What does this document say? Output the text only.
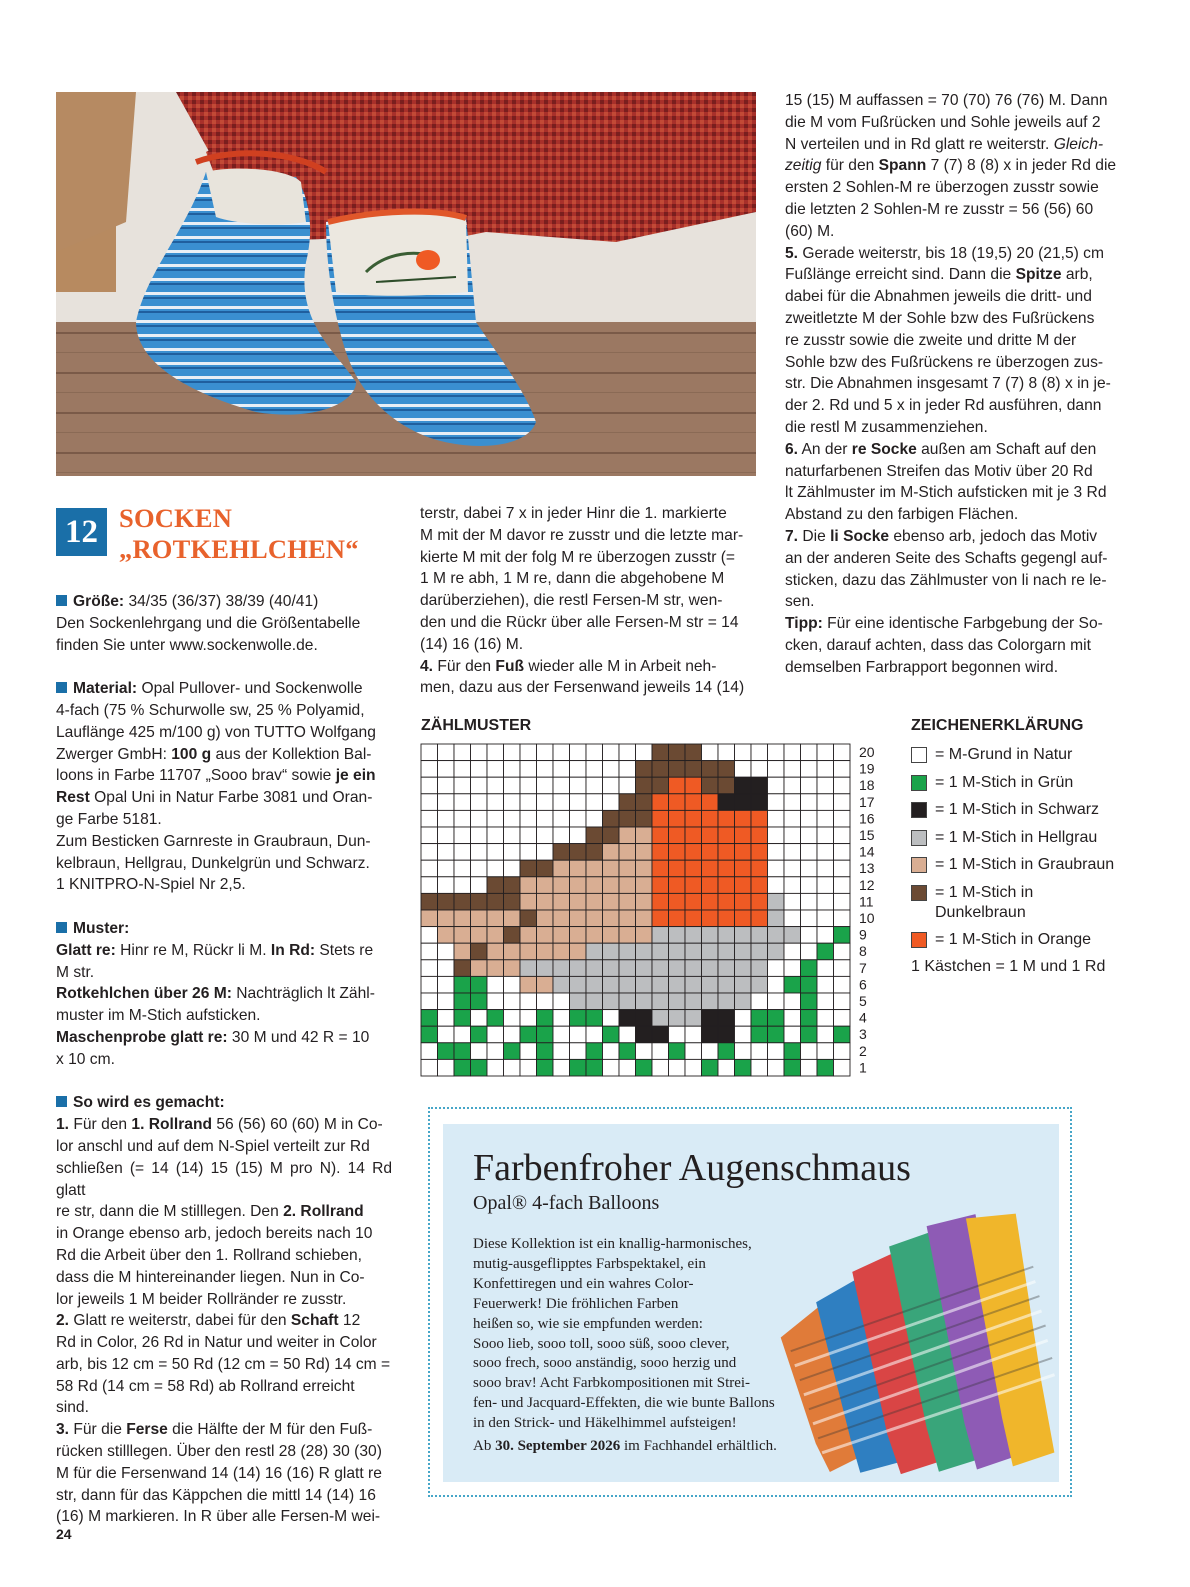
12 SOCKEN
„ROTKEHLCHEN“

Größe: 34/35 (36/37) 38/39 (40/41)

Den Sockenlehrgang und die Größentabelle

finden Sie unter www.sockenwolle.de.

Material: Opal Pullover- und Sockenwolle

4-fach (75 % Schurwolle sw, 25 % Polyamid,

Lauflänge 425 m/100 g) von TUTTO Wolfgang

Zwerger GmbH: 100 g aus der Kollektion Bal-

loons in Farbe 11707 „Sooo brav“ sowie je ein

Rest Opal Uni in Natur Farbe 3081 und Oran-

ge Farbe 5181.

Zum Besticken Garnreste in Graubraun, Dun-

kelbraun, Hellgrau, Dunkelgrün und Schwarz.

1 KNITPRO-N-Spiel Nr 2,5.

Muster:

Glatt re: Hinr re M, Rückr li M. In Rd: Stets re

M str.

Rotkehlchen über 26 M: Nachträglich lt Zähl-

muster im M-Stich aufsticken.

Maschenprobe glatt re: 30 M und 42 R = 10

x 10 cm.

So wird es gemacht:

1. Für den 1. Rollrand 56 (56) 60 (60) M in Co-

lor anschl und auf dem N-Spiel verteilt zur Rd

schließen (= 14 (14) 15 (15) M pro N). 14 Rd glatt

re str, dann die M stilllegen. Den 2. Rollrand

in Orange ebenso arb, jedoch bereits nach 10

Rd die Arbeit über den 1. Rollrand schieben,

dass die M hintereinander liegen. Nun in Co-

lor jeweils 1 M beider Rollränder re zusstr.

2. Glatt re weiterstr, dabei für den Schaft 12

Rd in Color, 26 Rd in Natur und weiter in Color

arb, bis 12 cm = 50 Rd (12 cm = 50 Rd) 14 cm =

58 Rd (14 cm = 58 Rd) ab Rollrand erreicht

sind.

3. Für die Ferse die Hälfte der M für den Fuß-

rücken stilllegen. Über den restl 28 (28) 30 (30)

M für die Fersenwand 14 (14) 16 (16) R glatt re

str, dann für das Käppchen die mittl 14 (14) 16

(16) M markieren. In R über alle Fersen-M wei-

terstr, dabei 7 x in jeder Hinr die 1. markierte

M mit der M davor re zusstr und die letzte mar-

kierte M mit der folg M re überzogen zusstr (=

1 M re abh, 1 M re, dann die abgehobene M

darüberziehen), die restl Fersen-M str, wen-

den und die Rückr über alle Fersen-M str = 14

(14) 16 (16) M.

4. Für den Fuß wieder alle M in Arbeit neh-

men, dazu aus der Fersenwand jeweils 14 (14)

15 (15) M auffassen = 70 (70) 76 (76) M. Dann

die M vom Fußrücken und Sohle jeweils auf 2

N verteilen und in Rd glatt re weiterstr. Gleich-

zeitig für den Spann 7 (7) 8 (8) x in jeder Rd die

ersten 2 Sohlen-M re überzogen zusstr sowie

die letzten 2 Sohlen-M re zusstr = 56 (56) 60

(60) M.

5. Gerade weiterstr, bis 18 (19,5) 20 (21,5) cm

Fußlänge erreicht sind. Dann die Spitze arb,

dabei für die Abnahmen jeweils die dritt- und

zweitletzte M der Sohle bzw des Fußrückens

re zusstr sowie die zweite und dritte M der

Sohle bzw des Fußrückens re überzogen zus-

str. Die Abnahmen insgesamt 7 (7) 8 (8) x in je-

der 2. Rd und 5 x in jeder Rd ausführen, dann

die restl M zusammenziehen.

6. An der re Socke außen am Schaft auf den

naturfarbenen Streifen das Motiv über 20 Rd

lt Zählmuster im M-Stich aufsticken mit je 3 Rd

Abstand zu den farbigen Flächen.

7. Die li Socke ebenso arb, jedoch das Motiv

an der anderen Seite des Schafts gegengl auf-

sticken, dazu das Zählmuster von li nach re le-

sen.

Tipp: Für eine identische Farbgebung der So-

cken, darauf achten, dass das Colorgarn mit

demselben Farbrapport begonnen wird.

ZÄHLMUSTER
20
19
18
17
16
15
14
13
12
11
10
9
8
7
6
5
4
3
2
1
ZEICHENERKLÄRUNG
= M-Grund in Natur
= 1 M-Stich in Grün
= 1 M-Stich in Schwarz
= 1 M-Stich in Hellgrau
= 1 M-Stich in Graubraun
= 1 M-Stich in
Dunkelbraun
= 1 M-Stich in Orange
1 Kästchen = 1 M und 1 Rd
Farbenfroher Augenschmaus
Opal® 4-fach Balloons
Diese Kollektion ist ein knallig-harmonisches,
mutig-ausgeflipptes Farbspektakel, ein
Konfettiregen und ein wahres Color-
Feuerwerk! Die fröhlichen Farben
heißen so, wie sie empfunden werden:
Sooo lieb, sooo toll, sooo süß, sooo clever,
sooo frech, sooo anständig, sooo herzig und
sooo brav! Acht Farbkompositionen mit Strei-
fen- und Jacquard-Effekten, die wie bunte Ballons
in den Strick- und Häkelhimmel aufsteigen!
Ab 30. September 2026 im Fachhandel erhältlich.
24
